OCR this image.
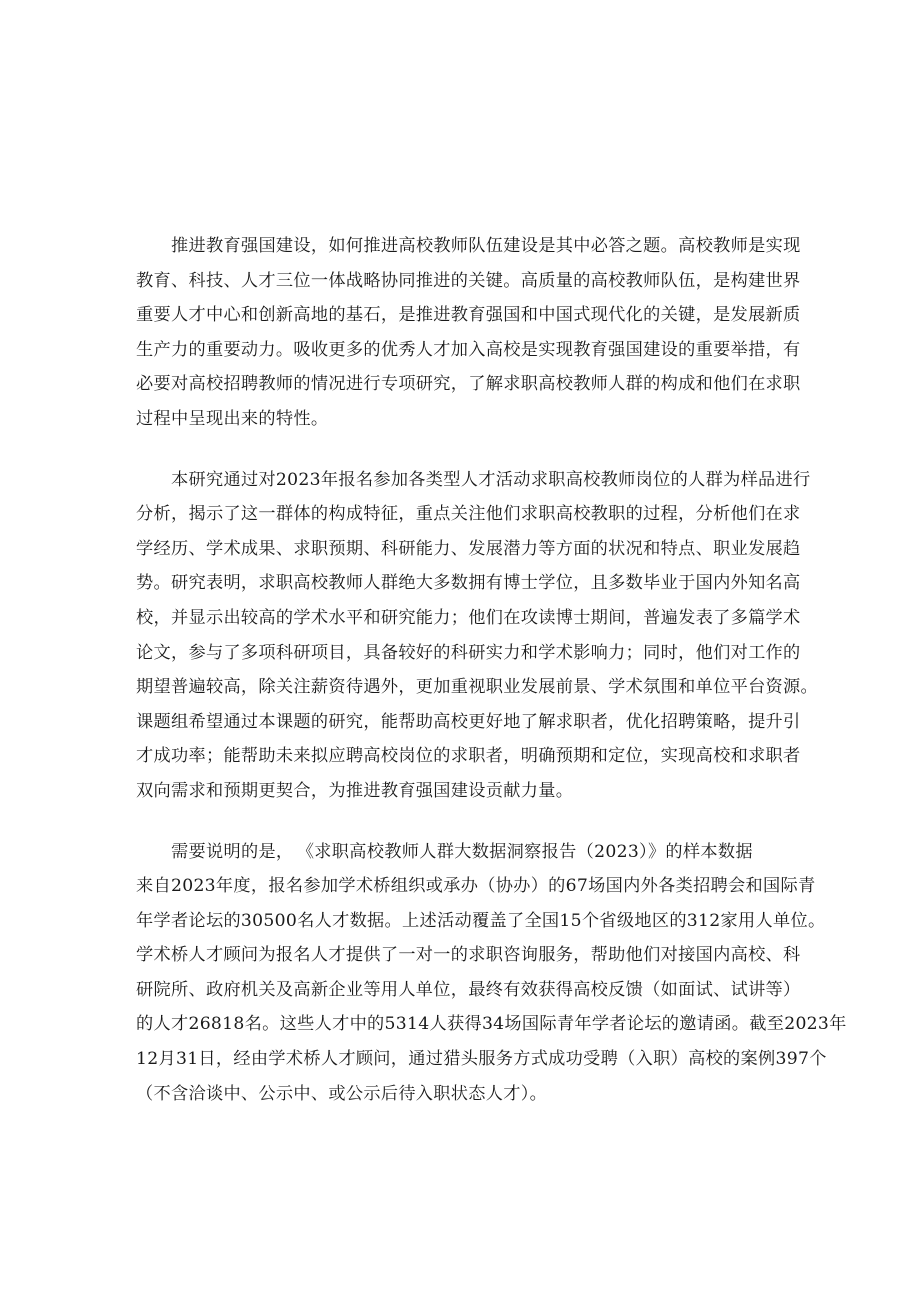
推进教育强国建设，如何推进高校教师队伍建设是其中必答之题。高校教师是实现
教育、科技、人才三位一体战略协同推进的关键。高质量的高校教师队伍，是构建世界
重要人才中心和创新高地的基石，是推进教育强国和中国式现代化的关键，是发展新质
生产力的重要动力。吸收更多的优秀人才加入高校是实现教育强国建设的重要举措，有
必要对高校招聘教师的情况进行专项研究，了解求职高校教师人群的构成和他们在求职
过程中呈现出来的特性。

本研究通过对2023年报名参加各类型人才活动求职高校教师岗位的人群为样品进行
分析，揭示了这一群体的构成特征，重点关注他们求职高校教职的过程，分析他们在求
学经历、学术成果、求职预期、科研能力、发展潜力等方面的状况和特点、职业发展趋
势。研究表明，求职高校教师人群绝大多数拥有博士学位，且多数毕业于国内外知名高
校，并显示出较高的学术水平和研究能力；他们在攻读博士期间，普遍发表了多篇学术
论文，参与了多项科研项目，具备较好的科研实力和学术影响力；同时，他们对工作的
期望普遍较高，除关注薪资待遇外，更加重视职业发展前景、学术氛围和单位平台资源。
课题组希望通过本课题的研究，能帮助高校更好地了解求职者，优化招聘策略，提升引
才成功率；能帮助未来拟应聘高校岗位的求职者，明确预期和定位，实现高校和求职者
双向需求和预期更契合，为推进教育强国建设贡献力量。

需要说明的是， 《求职高校教师人群大数据洞察报告（2023）》的样本数据
来自2023年度，报名参加学术桥组织或承办（协办）的67场国内外各类招聘会和国际青
年学者论坛的30500名人才数据。上述活动覆盖了全国15个省级地区的312家用人单位。
学术桥人才顾问为报名人才提供了一对一的求职咨询服务，帮助他们对接国内高校、科
研院所、政府机关及高新企业等用人单位，最终有效获得高校反馈（如面试、试讲等）
的人才26818名。这些人才中的5314人获得34场国际青年学者论坛的邀请函。截至2023年
12月31日，经由学术桥人才顾问，通过猎头服务方式成功受聘（入职）高校的案例397个
（不含洽谈中、公示中、或公示后待入职状态人才）。
